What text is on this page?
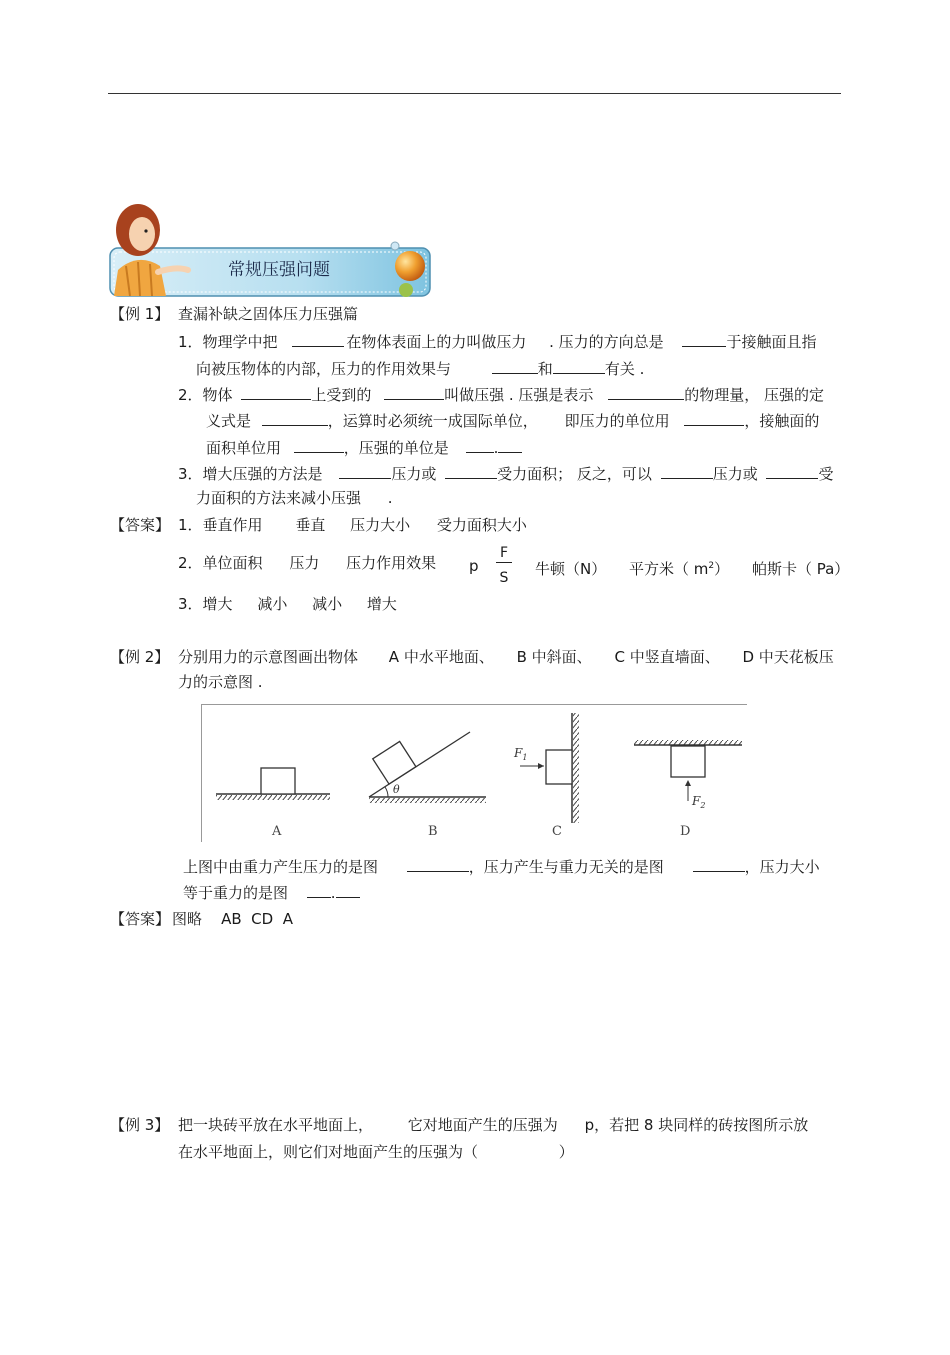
常规压强问题
【例 1】 查漏补缺之固体压力压强篇
1．物理学中把	在物体表面上的力叫做压力 . 压力的方向总是	于接触面且指
向被压物体的内部，压力的作用效果与	和	有关 .
2．物体	上受到的	叫做压强 . 压强是表示	的物理量， 压强的定
义式是	，运算时必须统一成国际单位， 即压力的单位用	，接触面的
面积单位用	，压强的单位是	.
3．增大压强的方法是	压力或	受力面积； 反之，可以	压力或	受
力面积的方法来减小压强 .
【答案】 1．垂直作用 垂直 压力大小 受力面积大小
2．单位面积 压力 压力作用效果 p
F
S 牛顿（N） 平方米（ $m^2$） 帕斯卡（ Pa）
3．增大 减小 减小 增大
【例 2】 分别用力的示意图画出物体 A 中水平地面、 B 中斜面、 C 中竖直墙面、 D 中天花板压
力的示意图 .
θ
$F_1$
$F_2$
A	B	C	D
上图中由重力产生压力的是图	，压力产生与重力无关的是图	，压力大小
等于重力的是图	.
【答案】 图略    AB  CD  A
【例 3】 把一块砖平放在水平地面上， 它对地面产生的压强为 p，若把 8 块同样的砖按图所示放
在水平地面上，则它们对地面产生的压强为（	）
